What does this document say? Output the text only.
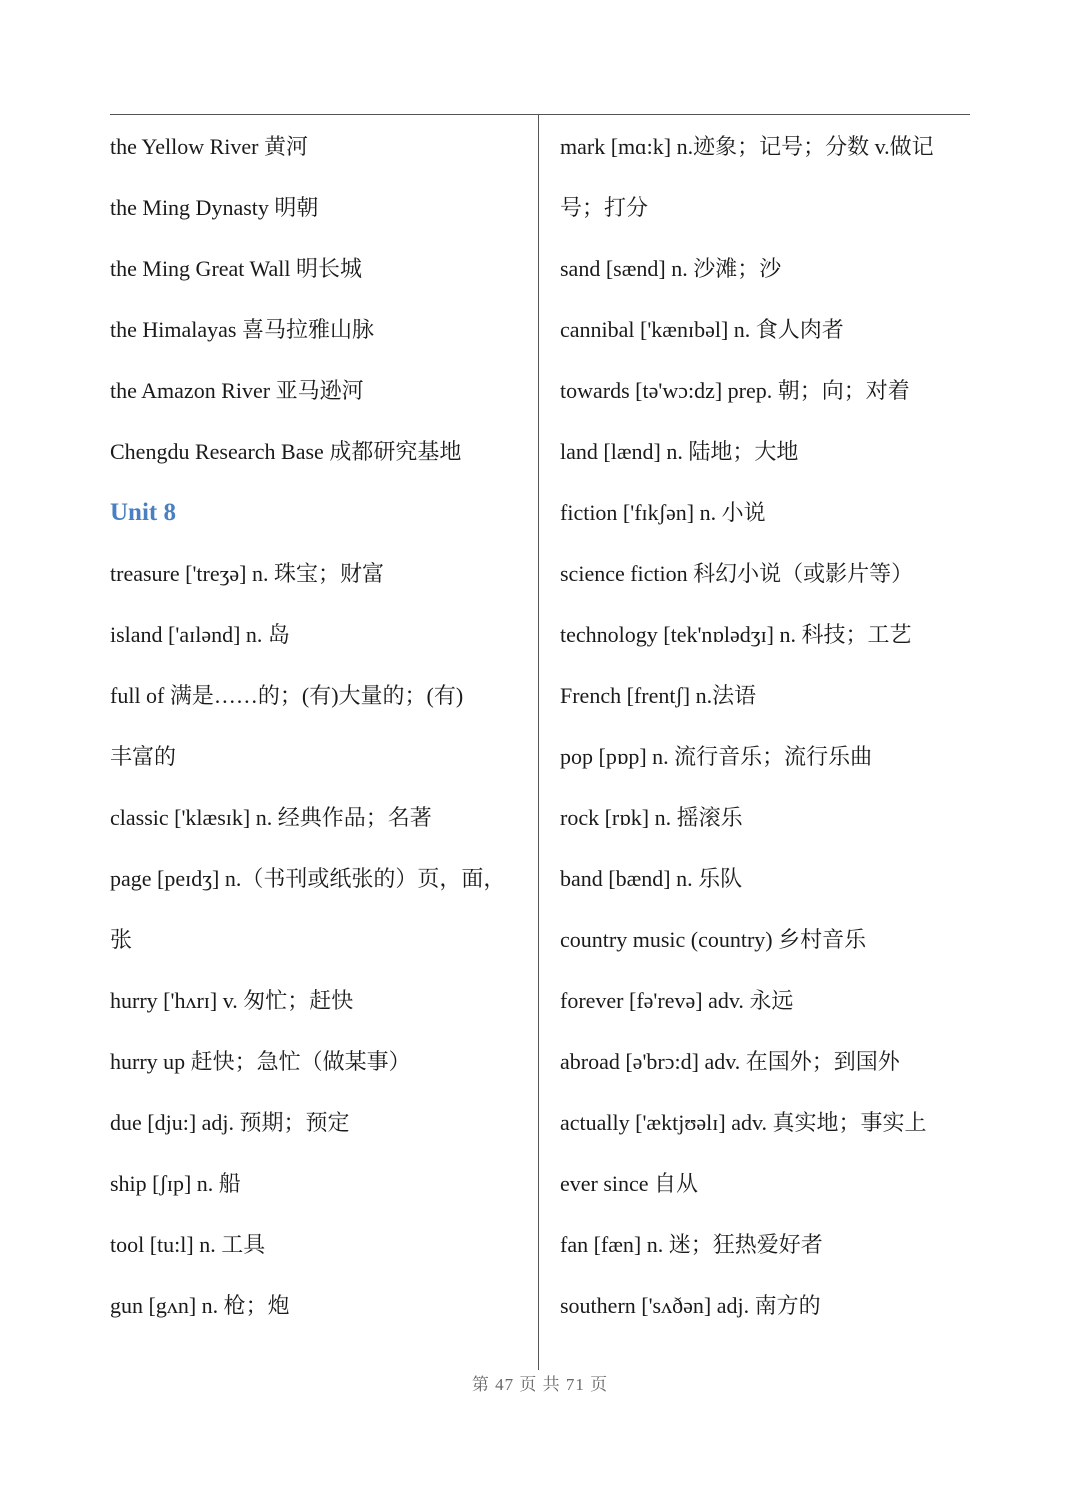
the Yellow River 黄河
the Ming Dynasty 明朝
the Ming Great Wall 明长城
the Himalayas 喜马拉雅山脉
the Amazon River 亚马逊河
Chengdu Research Base 成都研究基地
Unit 8
treasure ['treʒə] n. 珠宝；财富
island ['aɪlənd] n. 岛
full of 满是……的；(有)大量的；(有)
丰富的
classic ['klæsɪk] n. 经典作品；名著
page [peɪdʒ] n.（书刊或纸张的）页，面，
张
hurry ['hʌrɪ] v. 匆忙；赶快
hurry up 赶快；急忙（做某事）
due [dju:] adj. 预期；预定
ship [ʃɪp] n. 船
tool [tu:l] n. 工具
gun [gʌn] n. 枪；炮
mark [mɑ:k] n.迹象；记号；分数 v.做记
号；打分
sand [sænd] n. 沙滩；沙
cannibal ['kænɪbəl] n. 食人肉者
towards [tə'wɔ:dz] prep. 朝；向；对着
land [lænd] n. 陆地；大地
fiction ['fɪkʃən] n. 小说
science fiction 科幻小说（或影片等）
technology [tek'nɒlədʒɪ] n. 科技；工艺
French [frentʃ] n.法语
pop [pɒp] n. 流行音乐；流行乐曲
rock [rɒk] n. 摇滚乐
band [bænd] n. 乐队
country music (country) 乡村音乐
forever [fə'revə] adv. 永远
abroad [ə'brɔ:d] adv. 在国外；到国外
actually ['æktjʊəlɪ] adv. 真实地；事实上
ever since 自从
fan [fæn] n. 迷；狂热爱好者
southern ['sʌðən] adj. 南方的
第 47 页 共 71 页
